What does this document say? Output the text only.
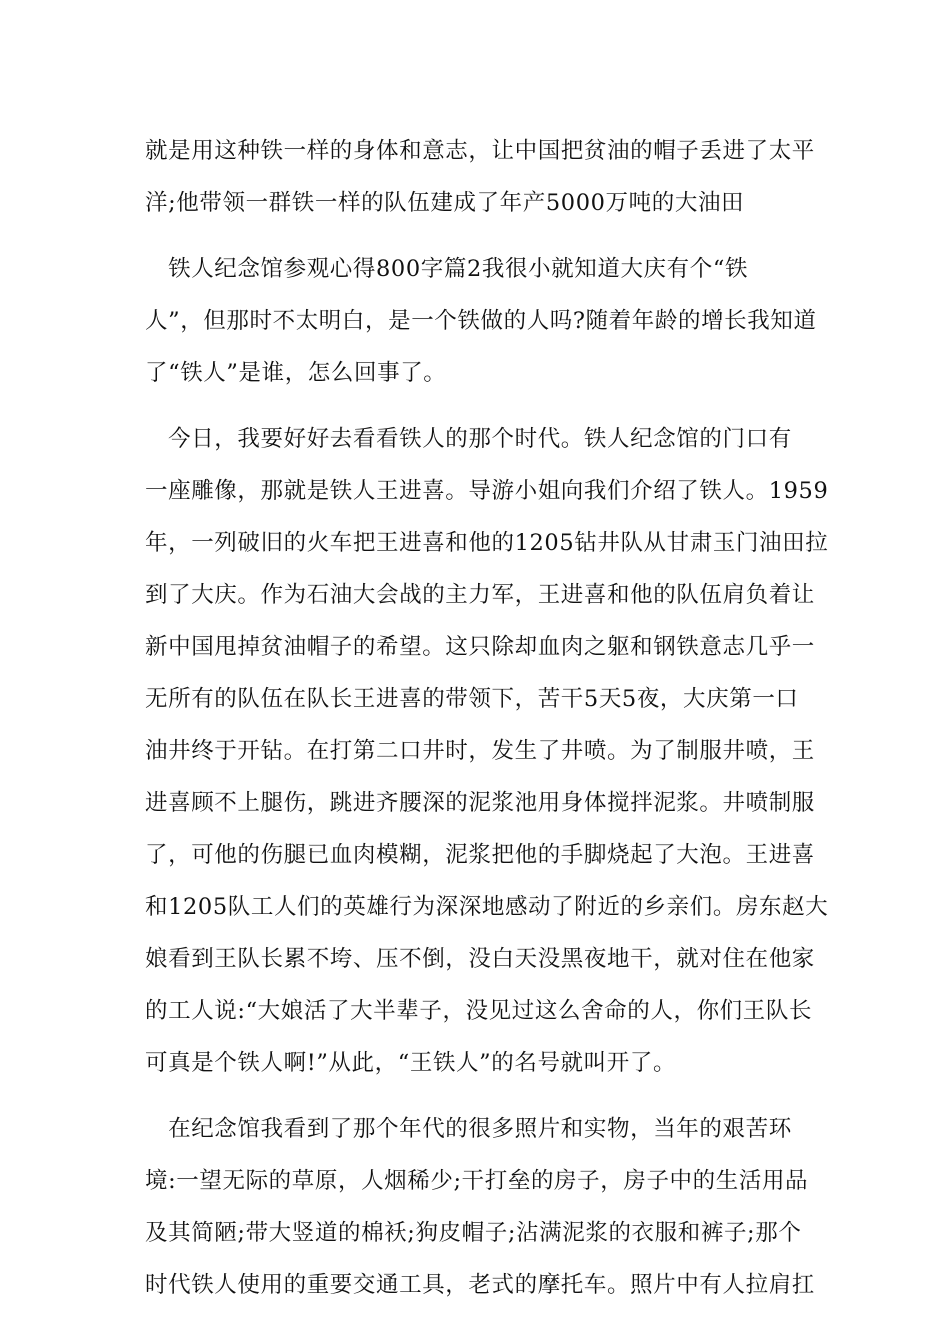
就是用这种铁一样的身体和意志，让中国把贫油的帽子丢进了太平
洋;他带领一群铁一样的队伍建成了年产5000万吨的大油田
　铁人纪念馆参观心得800字篇2我很小就知道大庆有个“铁
人”，但那时不太明白，是一个铁做的人吗?随着年龄的增长我知道
了“铁人”是谁，怎么回事了。
　今日，我要好好去看看铁人的那个时代。铁人纪念馆的门口有
一座雕像，那就是铁人王进喜。导游小姐向我们介绍了铁人。1959
年，一列破旧的火车把王进喜和他的1205钻井队从甘肃玉门油田拉
到了大庆。作为石油大会战的主力军，王进喜和他的队伍肩负着让
新中国甩掉贫油帽子的希望。这只除却血肉之躯和钢铁意志几乎一
无所有的队伍在队长王进喜的带领下，苦干5天5夜，大庆第一口
油井终于开钻。在打第二口井时，发生了井喷。为了制服井喷，王
进喜顾不上腿伤，跳进齐腰深的泥浆池用身体搅拌泥浆。井喷制服
了，可他的伤腿已血肉模糊，泥浆把他的手脚烧起了大泡。王进喜
和1205队工人们的英雄行为深深地感动了附近的乡亲们。房东赵大
娘看到王队长累不垮、压不倒，没白天没黑夜地干，就对住在他家
的工人说:“大娘活了大半辈子，没见过这么舍命的人，你们王队长
可真是个铁人啊!”从此，“王铁人”的名号就叫开了。
　在纪念馆我看到了那个年代的很多照片和实物，当年的艰苦环
境:一望无际的草原，人烟稀少;干打垒的房子，房子中的生活用品
及其简陋;带大竖道的棉袄;狗皮帽子;沾满泥浆的衣服和裤子;那个
时代铁人使用的重要交通工具，老式的摩托车。照片中有人拉肩扛
